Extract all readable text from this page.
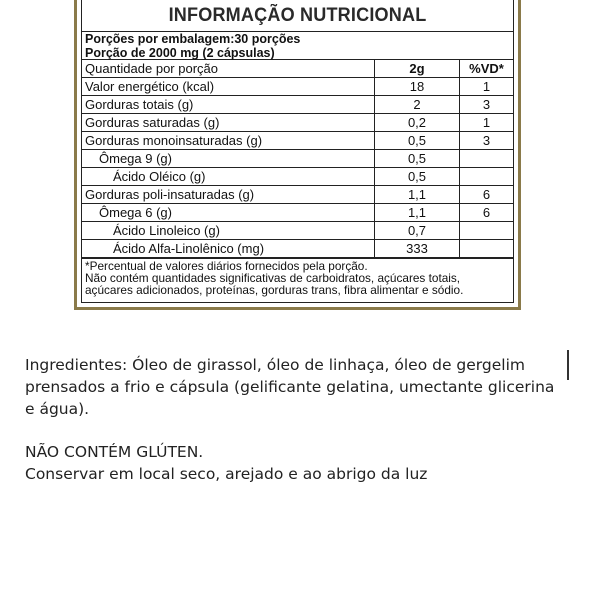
INFORMAÇÃO NUTRICIONAL
Porções por embalagem:30 porções
Porção de 2000 mg (2 cápsulas)
Quantidade por porção	2g	%VD*
Valor energético (kcal)	18	1
Gorduras totais (g)	2	3
Gorduras saturadas (g)	0,2	1
Gorduras monoinsaturadas (g)	0,5	3
Ômega 9 (g)	0,5	
Ácido Oléico (g)	0,5	
Gorduras poli-insaturadas (g)	1,1	6
Ômega 6 (g)	1,1	6
Ácido Linoleico (g)	0,7	
Ácido Alfa-Linolênico (mg)	333	
*Percentual de valores diários fornecidos pela porção.
Não contém quantidades significativas de carboidratos, açúcares totais,
açúcares adicionados, proteínas, gorduras trans, fibra alimentar e sódio.
Ingredientes: Óleo de girassol, óleo de linhaça, óleo de gergelim prensados a frio e cápsula (gelificante gelatina, umectante glicerina e água).
NÃO CONTÉM GLÚTEN.
Conservar em local seco, arejado e ao abrigo da luz
